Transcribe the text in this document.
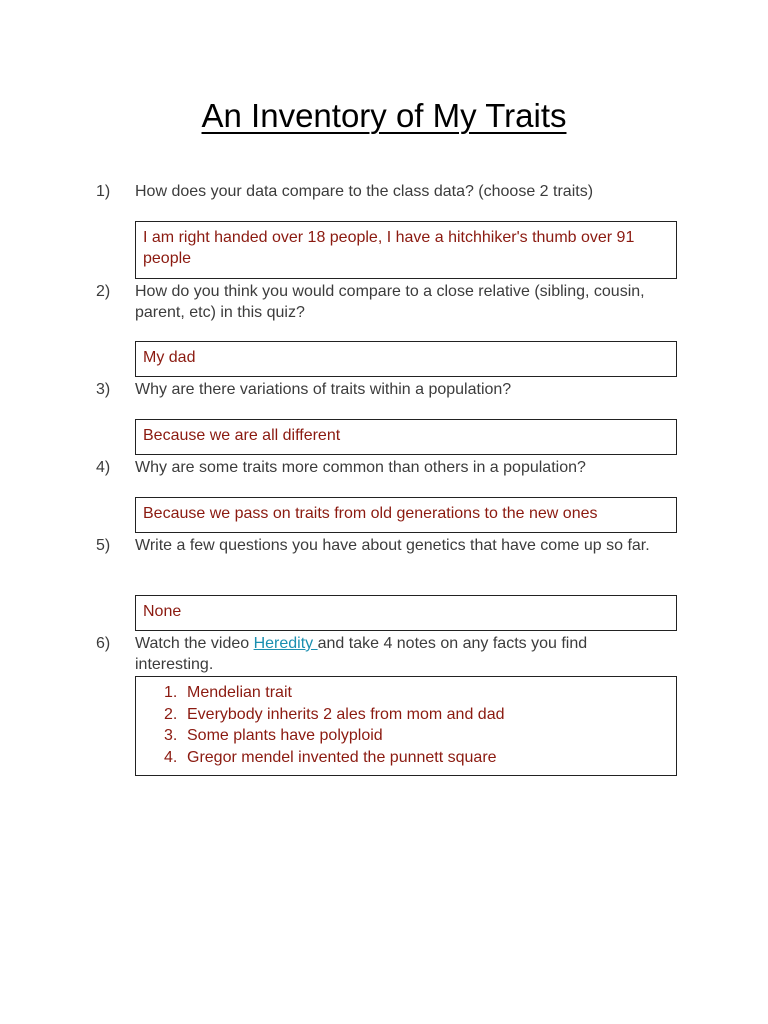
An Inventory of My Traits
1)	How does your data compare to the class data? (choose 2 traits)
I am right handed over 18 people, I have a hitchhiker's thumb over 91 people
2)	How do you think you would compare to a close relative (sibling, cousin, parent, etc) in this quiz?
My dad
3)	Why are there variations of traits within a population?
Because we are all different
4)	Why are some traits more common than others in a population?
Because we pass on traits from old generations to the new ones
5)	Write a few questions you have about genetics that have come up so far.
None
6)	Watch the video Heredity and take 4 notes on any facts you find interesting.
1. Mendelian trait
2. Everybody inherits 2 ales from mom and dad
3. Some plants have polyploid
4. Gregor mendel invented the punnett square
